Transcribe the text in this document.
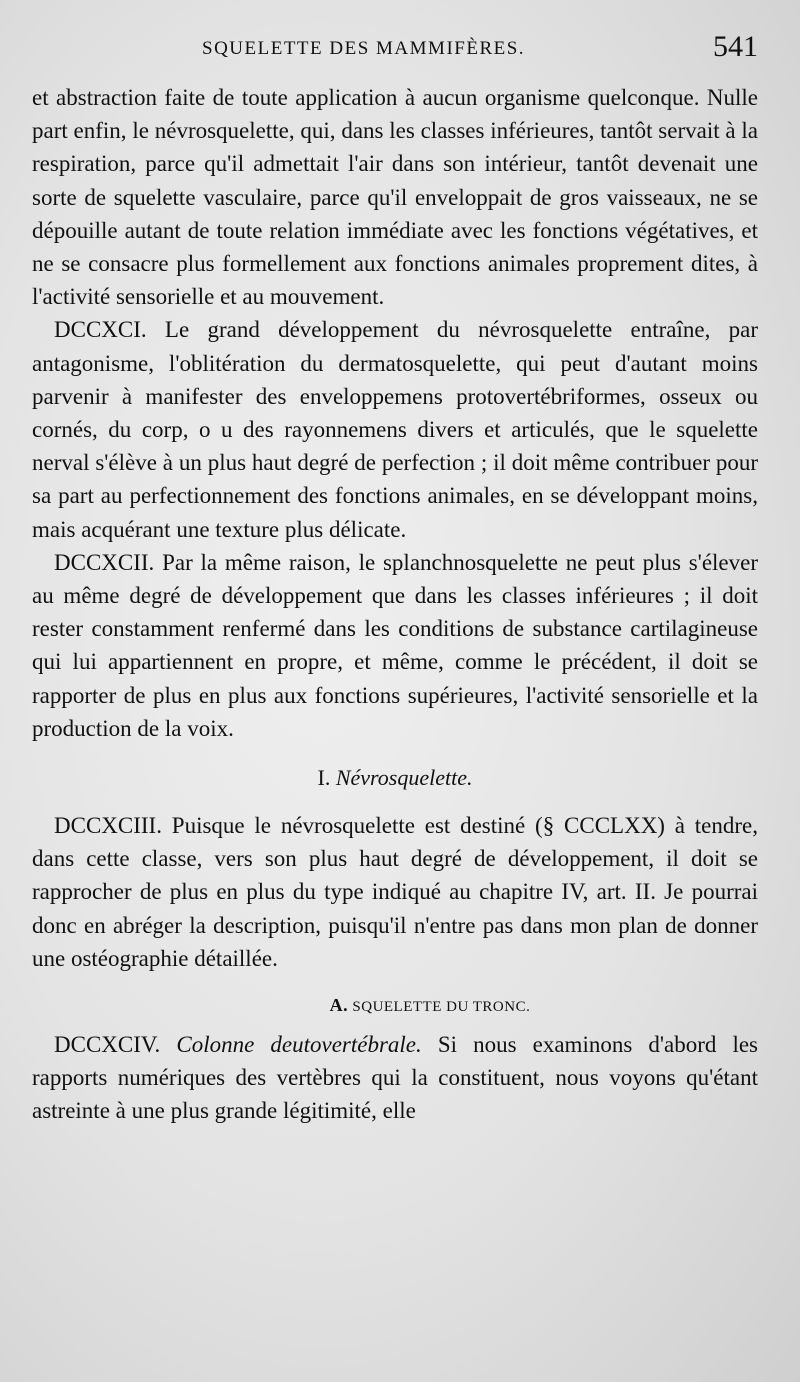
SQUELETTE DES MAMMIFÈRES.	541

et abstraction faite de toute application à aucun organisme quelconque. Nulle part enfin, le névrosquelette, qui, dans les classes inférieures, tantôt servait à la respiration, parce qu'il admettait l'air dans son intérieur, tantôt devenait une sorte de squelette vasculaire, parce qu'il enveloppait de gros vaisseaux, ne se dépouille autant de toute relation immédiate avec les fonctions végétatives, et ne se consacre plus formellement aux fonctions animales proprement dites, à l'activité sensorielle et au mouvement.

DCCXCI. Le grand développement du névrosquelette entraîne, par antagonisme, l'oblitération du dermatosquelette, qui peut d'autant moins parvenir à manifester des enveloppemens protovertébriformes, osseux ou cornés, du corp, o u des rayonnemens divers et articulés, que le squelette nerval s'élève à un plus haut degré de perfection ; il doit même contribuer pour sa part au perfectionnement des fonctions animales, en se développant moins, mais acquérant une texture plus délicate.

DCCXCII. Par la même raison, le splanchnosquelette ne peut plus s'élever au même degré de développement que dans les classes inférieures ; il doit rester constamment renfermé dans les conditions de substance cartilagineuse qui lui appartiennent en propre, et même, comme le précédent, il doit se rapporter de plus en plus aux fonctions supérieures, l'activité sensorielle et la production de la voix.

I. Névrosquelette.

DCCXCIII. Puisque le névrosquelette est destiné (§ CCCLXX) à tendre, dans cette classe, vers son plus haut degré de développement, il doit se rapprocher de plus en plus du type indiqué au chapitre IV, art. II. Je pourrai donc en abréger la description, puisqu'il n'entre pas dans mon plan de donner une ostéographie détaillée.

A. SQUELETTE DU TRONC.

DCCXCIV. Colonne deutovertébrale. Si nous examinons d'abord les rapports numériques des vertèbres qui la constituent, nous voyons qu'étant astreinte à une plus grande légitimité, elle
